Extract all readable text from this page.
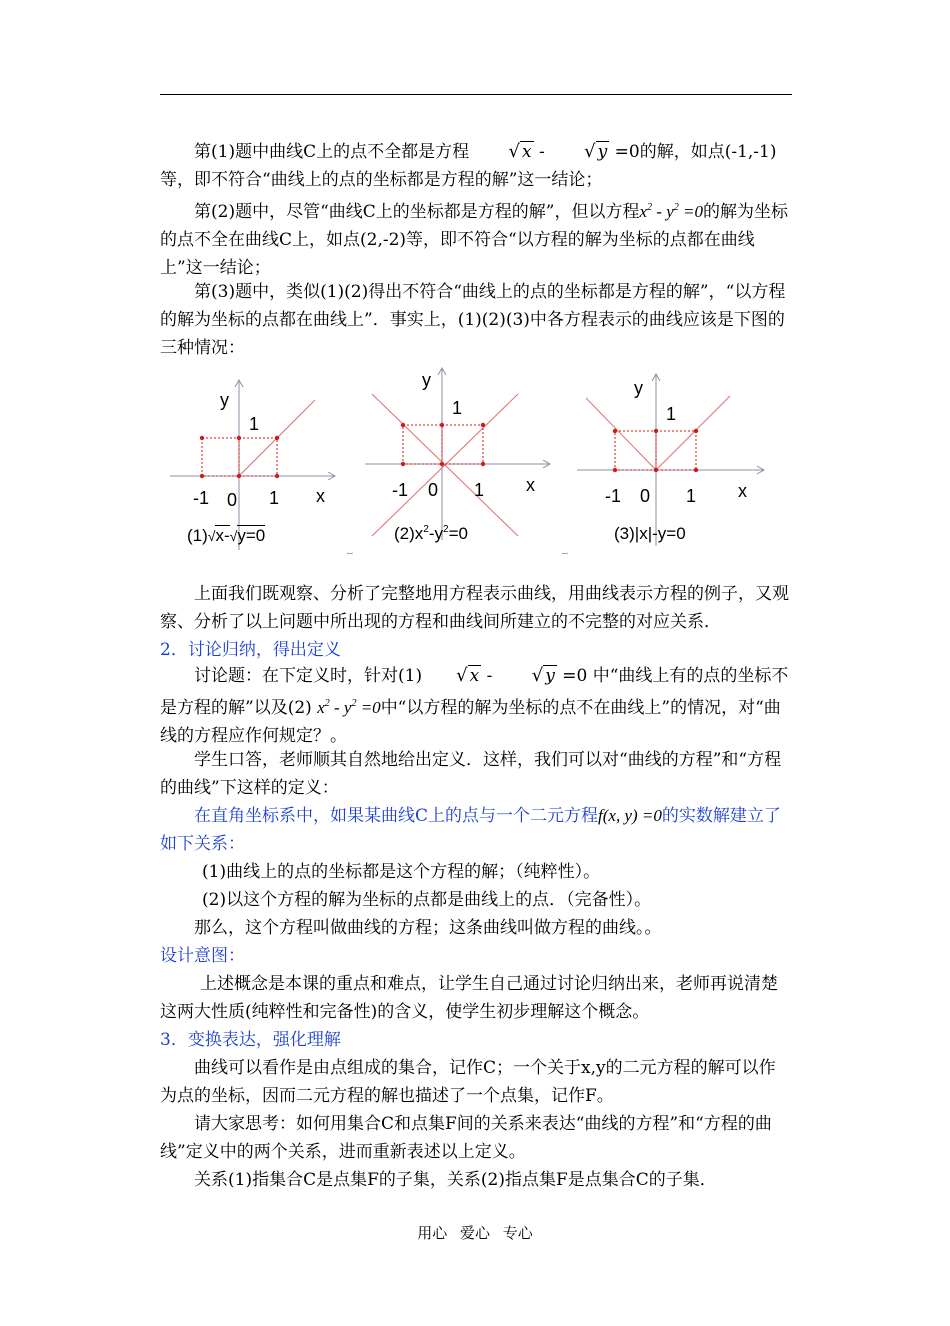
第(1)题中曲线C上的点不全都是方程 √ x - √ y =0的解，如点(-1,-1)等，即不符合“曲线上的点的坐标都是方程的解”这一结论；

第(2)题中，尽管“曲线C上的坐标都是方程的解”，但以方程$x^2 - y^2 =0$的解为坐标的点不全在曲线C上，如点(2,-2)等，即不符合“以方程的解为坐标的点都在曲线上”这一结论；

第(3)题中，类似(1)(2)得出不符合“曲线上的点的坐标都是方程的解”，“以方程的解为坐标的点都在曲线上”．事实上，(1)(2)(3)中各方程表示的曲线应该是下图的三种情况：

y
1
-1 0 1 x
(1)√x-√y=0
ꟷ
y
1
-1 0 1 x
$(2)x^2-y^2=0$
ꟷ
y
1
-1 0 1 x
(3)|x|-y=0

上面我们既观察、分析了完整地用方程表示曲线，用曲线表示方程的例子，又观察、分析了以上问题中所出现的方程和曲线间所建立的不完整的对应关系．

2．讨论归纳，得出定义

讨论题：在下定义时，针对(1) √ x - √ y =0 中“曲线上有的点的坐标不是方程的解”以及(2) $x^2 - y^2 =0$中“以方程的解为坐标的点不在曲线上”的情况，对“曲线的方程应作何规定？。

学生口答，老师顺其自然地给出定义．这样，我们可以对“曲线的方程”和“方程的曲线”下这样的定义：

在直角坐标系中，如果某曲线C上的点与一个二元方程f(x, y) =0的实数解建立了如下关系：

(1)曲线上的点的坐标都是这个方程的解；（纯粹性）。

(2)以这个方程的解为坐标的点都是曲线上的点．（完备性）。

那么，这个方程叫做曲线的方程；这条曲线叫做方程的曲线。。

设计意图：

上述概念是本课的重点和难点，让学生自己通过讨论归纳出来，老师再说清楚这两大性质(纯粹性和完备性)的含义，使学生初步理解这个概念。

3．变换表达，强化理解

曲线可以看作是由点组成的集合，记作C；一个关于x,y的二元方程的解可以作为点的坐标，因而二元方程的解也描述了一个点集，记作F。

请大家思考：如何用集合C和点集F间的关系来表达“曲线的方程”和“方程的曲线”定义中的两个关系，进而重新表述以上定义。

关系(1)指集合C是点集F的子集，关系(2)指点集F是点集合C的子集．

用心 爱心 专心
